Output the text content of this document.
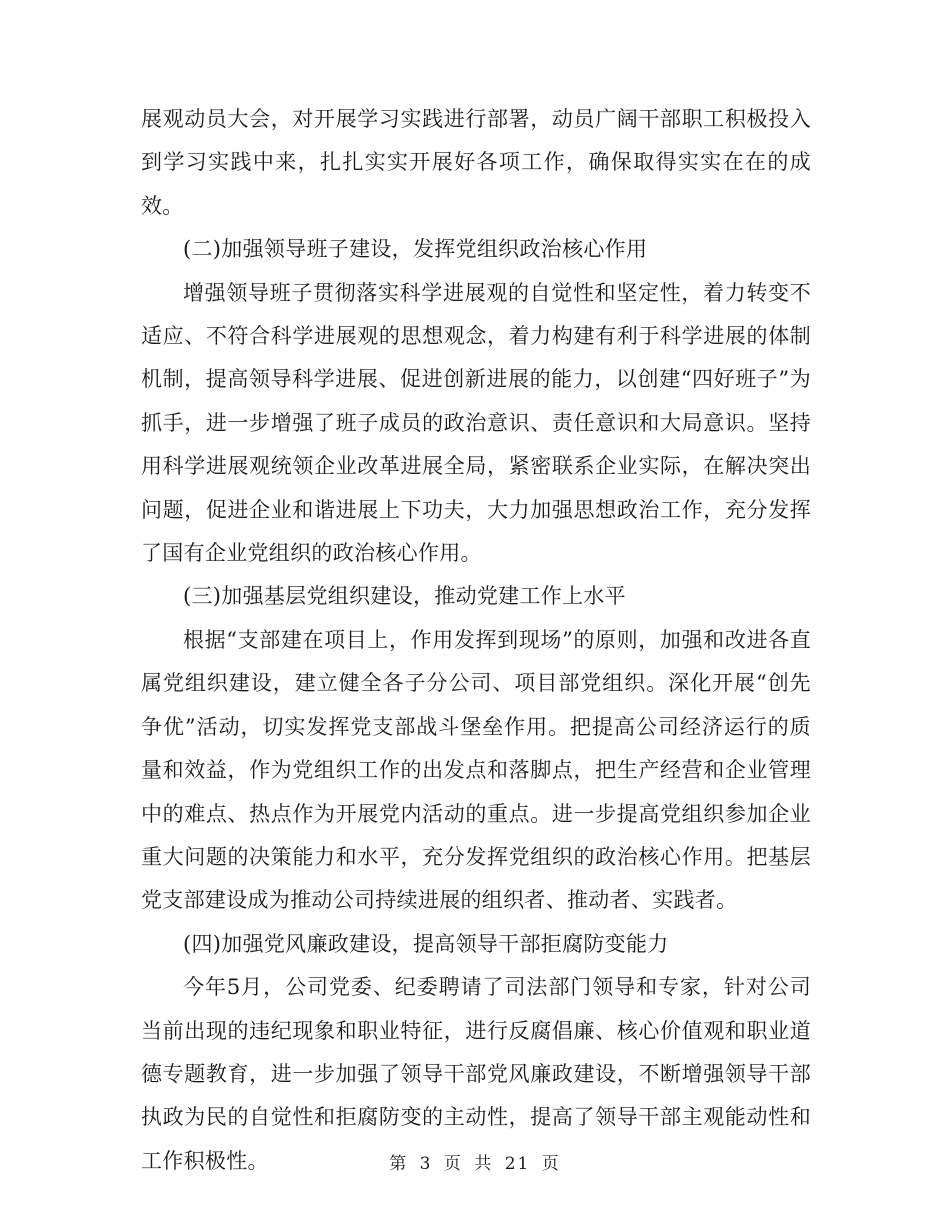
展观动员大会，对开展学习实践进行部署，动员广阔干部职工积极投入到学习实践中来，扎扎实实开展好各项工作，确保取得实实在在的成效。

(二)加强领导班子建设，发挥党组织政治核心作用

增强领导班子贯彻落实科学进展观的自觉性和坚定性，着力转变不适应、不符合科学进展观的思想观念，着力构建有利于科学进展的体制机制，提高领导科学进展、促进创新进展的能力，以创建“四好班子”为抓手，进一步增强了班子成员的政治意识、责任意识和大局意识。坚持用科学进展观统领企业改革进展全局，紧密联系企业实际，在解决突出问题，促进企业和谐进展上下功夫，大力加强思想政治工作，充分发挥了国有企业党组织的政治核心作用。

(三)加强基层党组织建设，推动党建工作上水平

根据“支部建在项目上，作用发挥到现场”的原则，加强和改进各直属党组织建设，建立健全各子分公司、项目部党组织。深化开展“创先争优”活动，切实发挥党支部战斗堡垒作用。把提高公司经济运行的质量和效益，作为党组织工作的出发点和落脚点，把生产经营和企业管理中的难点、热点作为开展党内活动的重点。进一步提高党组织参加企业重大问题的决策能力和水平，充分发挥党组织的政治核心作用。把基层党支部建设成为推动公司持续进展的组织者、推动者、实践者。

(四)加强党风廉政建设，提高领导干部拒腐防变能力

今年5月，公司党委、纪委聘请了司法部门领导和专家，针对公司当前出现的违纪现象和职业特征，进行反腐倡廉、核心价值观和职业道德专题教育，进一步加强了领导干部党风廉政建设，不断增强领导干部执政为民的自觉性和拒腐防变的主动性，提高了领导干部主观能动性和工作积极性。	第 3 页 共 21 页
